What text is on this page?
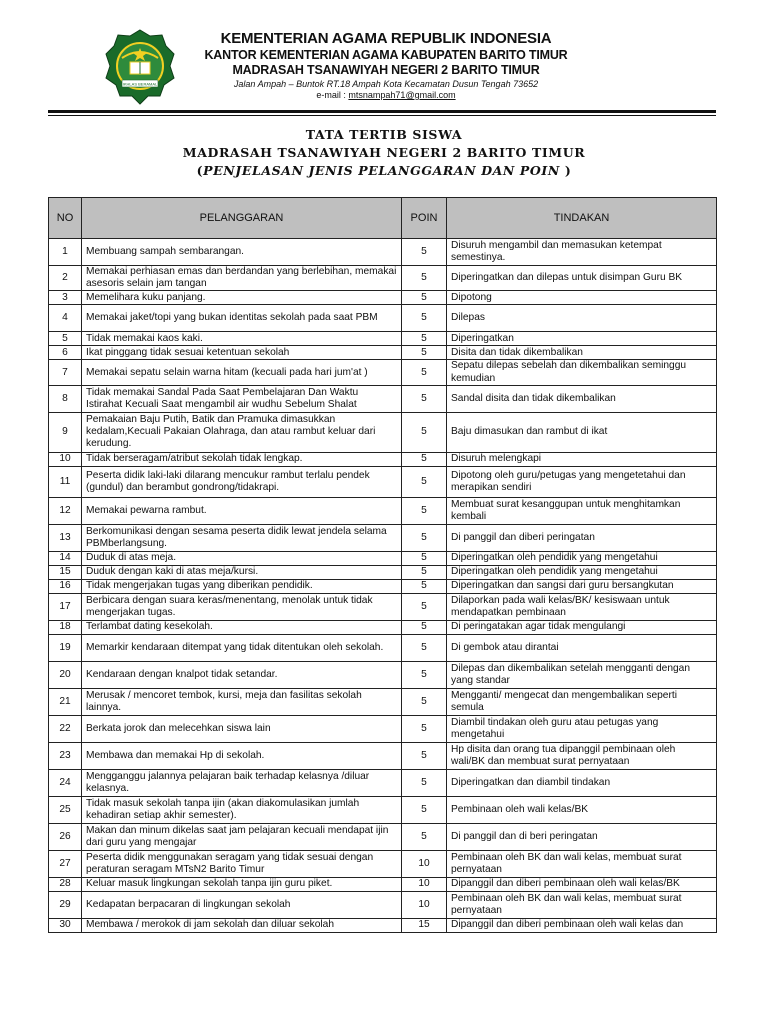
IKHLAS BERAMAL
KEMENTERIAN AGAMA REPUBLIK INDONESIA
KANTOR KEMENTERIAN AGAMA KABUPATEN BARITO TIMUR
MADRASAH TSANAWIYAH NEGERI 2 BARITO TIMUR
Jalan Ampah – Buntok RT.18 Ampah Kota Kecamatan Dusun Tengah 73652
e-mail : mtsnampah71@gmail.com
TATA TERTIB SISWA
MADRASAH TSANAWIYAH NEGERI 2 BARITO TIMUR
(PENJELASAN JENIS PELANGGARAN DAN POIN )
NO	PELANGGARAN	POIN	TINDAKAN
1	Membuang sampah sembarangan.	5	Disuruh mengambil dan memasukan ketempat semestinya.
2	Memakai perhiasan emas dan berdandan yang berlebihan, memakai asesoris selain jam tangan	5	Diperingatkan dan dilepas untuk disimpan Guru BK
3	Memelihara kuku panjang.	5	Dipotong
4	Memakai jaket/topi yang bukan identitas sekolah pada saat PBM	5	Dilepas
5	Tidak memakai kaos kaki.	5	Diperingatkan
6	Ikat pinggang tidak sesuai ketentuan sekolah	5	Disita dan tidak dikembalikan
7	Memakai sepatu selain warna hitam (kecuali pada hari jum'at )	5	Sepatu dilepas sebelah dan dikembalikan seminggu kemudian
8	Tidak memakai Sandal Pada Saat Pembelajaran Dan Waktu Istirahat Kecuali Saat mengambil air wudhu Sebelum Shalat	5	Sandal disita dan tidak dikembalikan
9	Pemakaian Baju Putih, Batik dan Pramuka dimasukkan kedalam,Kecuali Pakaian Olahraga, dan atau rambut keluar dari kerudung.	5	Baju dimasukan dan rambut di ikat
10	Tidak berseragam/atribut sekolah tidak lengkap.	5	Disuruh melengkapi
11	Peserta didik laki-laki dilarang mencukur rambut terlalu pendek (gundul) dan berambut gondrong/tidakrapi.	5	Dipotong oleh guru/petugas yang mengetetahui dan merapikan sendiri
12	Memakai pewarna rambut.	5	Membuat surat kesanggupan untuk menghitamkan kembali
13	Berkomunikasi dengan sesama peserta didik lewat jendela selama PBMberlangsung.	5	Di panggil dan diberi peringatan
14	Duduk di atas meja.	5	Diperingatkan oleh pendidik yang mengetahui
15	Duduk dengan kaki di atas meja/kursi.	5	Diperingatkan oleh pendidik yang mengetahui
16	Tidak mengerjakan tugas yang diberikan pendidik.	5	Diperingatkan dan sangsi dari guru bersangkutan
17	Berbicara dengan suara keras/menentang, menolak untuk tidak mengerjakan tugas.	5	Dilaporkan pada wali kelas/BK/ kesiswaan untuk mendapatkan pembinaan
18	Terlambat dating kesekolah.	5	Di peringatakan agar tidak mengulangi
19	Memarkir kendaraan ditempat yang tidak ditentukan oleh sekolah.	5	Di gembok atau dirantai
20	Kendaraan dengan knalpot tidak setandar.	5	Dilepas dan dikembalikan setelah mengganti dengan yang standar
21	Merusak / mencoret tembok, kursi, meja dan fasilitas sekolah lainnya.	5	Mengganti/ mengecat dan mengembalikan seperti semula
22	Berkata jorok dan melecehkan siswa lain	5	Diambil tindakan oleh guru atau petugas yang mengetahui
23	Membawa dan memakai Hp di sekolah.	5	Hp disita dan orang tua dipanggil pembinaan oleh wali/BK dan membuat surat pernyataan
24	Mengganggu jalannya pelajaran baik terhadap kelasnya /diluar kelasnya.	5	Diperingatkan dan diambil tindakan
25	Tidak masuk sekolah tanpa ijin (akan diakomulasikan jumlah kehadiran setiap akhir semester).	5	Pembinaan oleh wali kelas/BK
26	Makan dan minum dikelas saat jam pelajaran kecuali mendapat ijin dari guru yang mengajar	5	Di panggil dan di beri peringatan
27	Peserta didik menggunakan seragam yang tidak sesuai dengan peraturan seragam MTsN2 Barito Timur	10	Pembinaan oleh BK dan wali kelas, membuat surat pernyataan
28	Keluar masuk lingkungan sekolah tanpa ijin guru piket.	10	Dipanggil dan diberi pembinaan oleh wali kelas/BK
29	Kedapatan berpacaran di lingkungan sekolah	10	Pembinaan oleh BK dan wali kelas, membuat surat pernyataan
30	Membawa / merokok di jam sekolah dan diluar sekolah	15	Dipanggil dan diberi pembinaan oleh wali kelas dan
